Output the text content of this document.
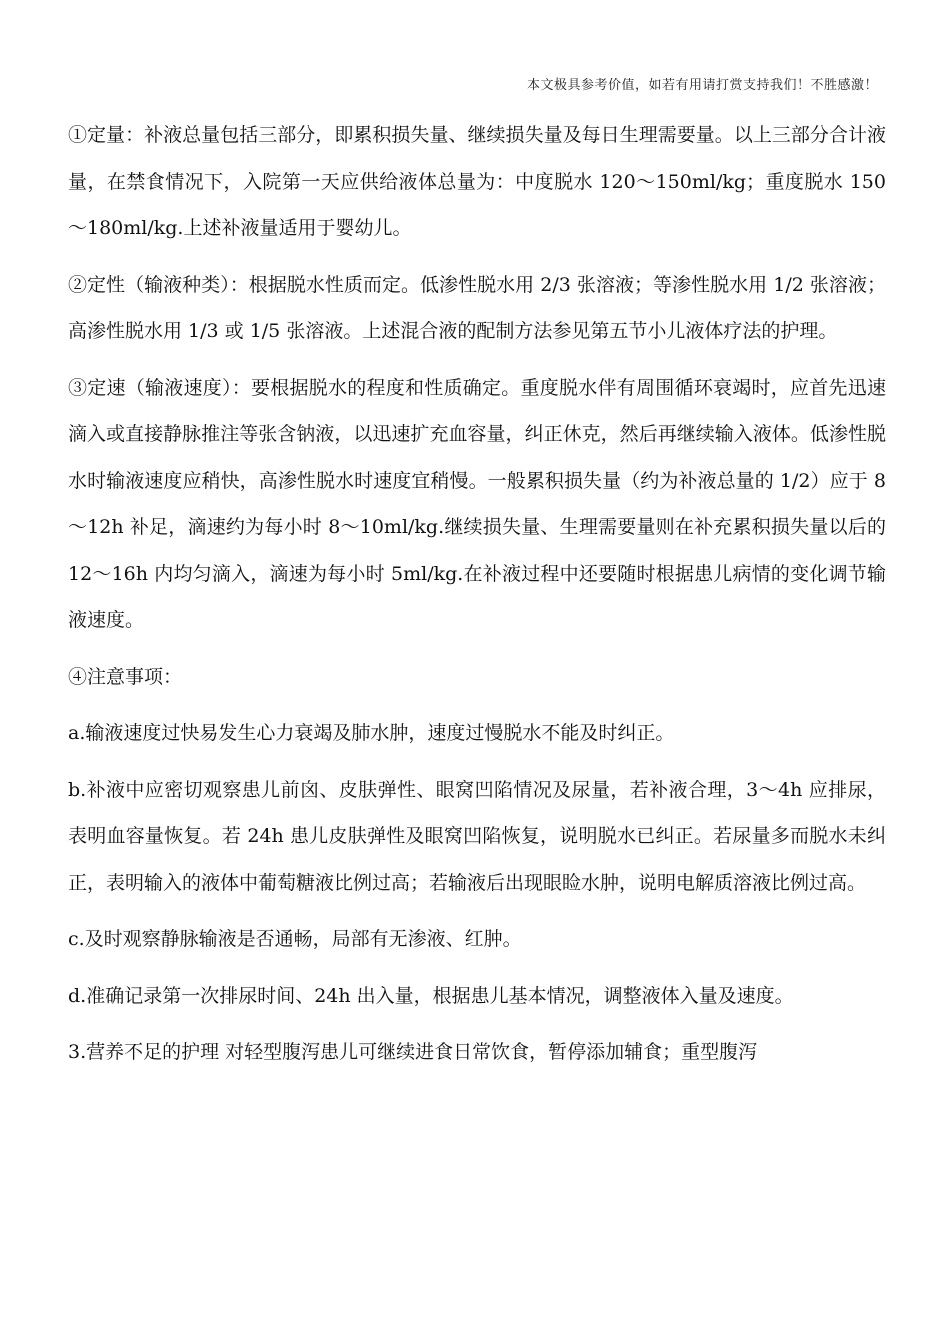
本文极具参考价值，如若有用请打赏支持我们！不胜感激！

①定量：补液总量包括三部分，即累积损失量、继续损失量及每日生理需要量。以上三部分合计液量，在禁食情况下，入院第一天应供给液体总量为：中度脱水 120～150ml/kg；重度脱水 150～180ml/kg.上述补液量适用于婴幼儿。

②定性（输液种类）：根据脱水性质而定。低渗性脱水用 2/3 张溶液；等渗性脱水用 1/2 张溶液；高渗性脱水用 1/3 或 1/5 张溶液。上述混合液的配制方法参见第五节小儿液体疗法的护理。

③定速（输液速度）：要根据脱水的程度和性质确定。重度脱水伴有周围循环衰竭时，应首先迅速滴入或直接静脉推注等张含钠液，以迅速扩充血容量，纠正休克，然后再继续输入液体。低渗性脱水时输液速度应稍快，高渗性脱水时速度宜稍慢。一般累积损失量（约为补液总量的 1/2）应于 8～12h 补足，滴速约为每小时 8～10ml/kg.继续损失量、生理需要量则在补充累积损失量以后的 12～16h 内均匀滴入，滴速为每小时 5ml/kg.在补液过程中还要随时根据患儿病情的变化调节输液速度。

④注意事项：

a.输液速度过快易发生心力衰竭及肺水肿，速度过慢脱水不能及时纠正。

b.补液中应密切观察患儿前囟、皮肤弹性、眼窝凹陷情况及尿量，若补液合理，3～4h 应排尿，表明血容量恢复。若 24h 患儿皮肤弹性及眼窝凹陷恢复，说明脱水已纠正。若尿量多而脱水未纠正，表明输入的液体中葡萄糖液比例过高；若输液后出现眼睑水肿，说明电解质溶液比例过高。

c.及时观察静脉输液是否通畅，局部有无渗液、红肿。

d.准确记录第一次排尿时间、24h 出入量，根据患儿基本情况，调整液体入量及速度。

3.营养不足的护理 对轻型腹泻患儿可继续进食日常饮食，暂停添加辅食；重型腹泻
